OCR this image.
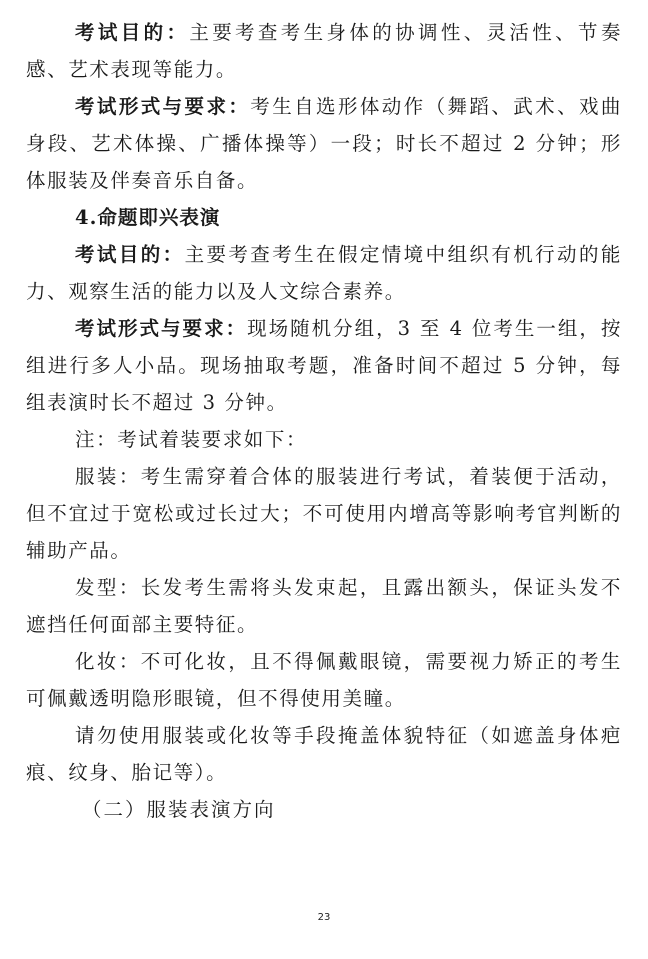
考试目的：主要考查考生身体的协调性、灵活性、节奏感、艺术表现等能力。

考试形式与要求：考生自选形体动作（舞蹈、武术、戏曲身段、艺术体操、广播体操等）一段；时长不超过 2 分钟；形体服装及伴奏音乐自备。

4.命题即兴表演

考试目的：主要考查考生在假定情境中组织有机行动的能力、观察生活的能力以及人文综合素养。

考试形式与要求：现场随机分组，3 至 4 位考生一组，按组进行多人小品。现场抽取考题，准备时间不超过 5 分钟，每组表演时长不超过 3 分钟。

注：考试着装要求如下：

服装：考生需穿着合体的服装进行考试，着装便于活动，但不宜过于宽松或过长过大；不可使用内增高等影响考官判断的辅助产品。

发型：长发考生需将头发束起，且露出额头，保证头发不遮挡任何面部主要特征。

化妆：不可化妆，且不得佩戴眼镜，需要视力矫正的考生可佩戴透明隐形眼镜，但不得使用美瞳。

请勿使用服装或化妆等手段掩盖体貌特征（如遮盖身体疤痕、纹身、胎记等）。

（二）服装表演方向

23
